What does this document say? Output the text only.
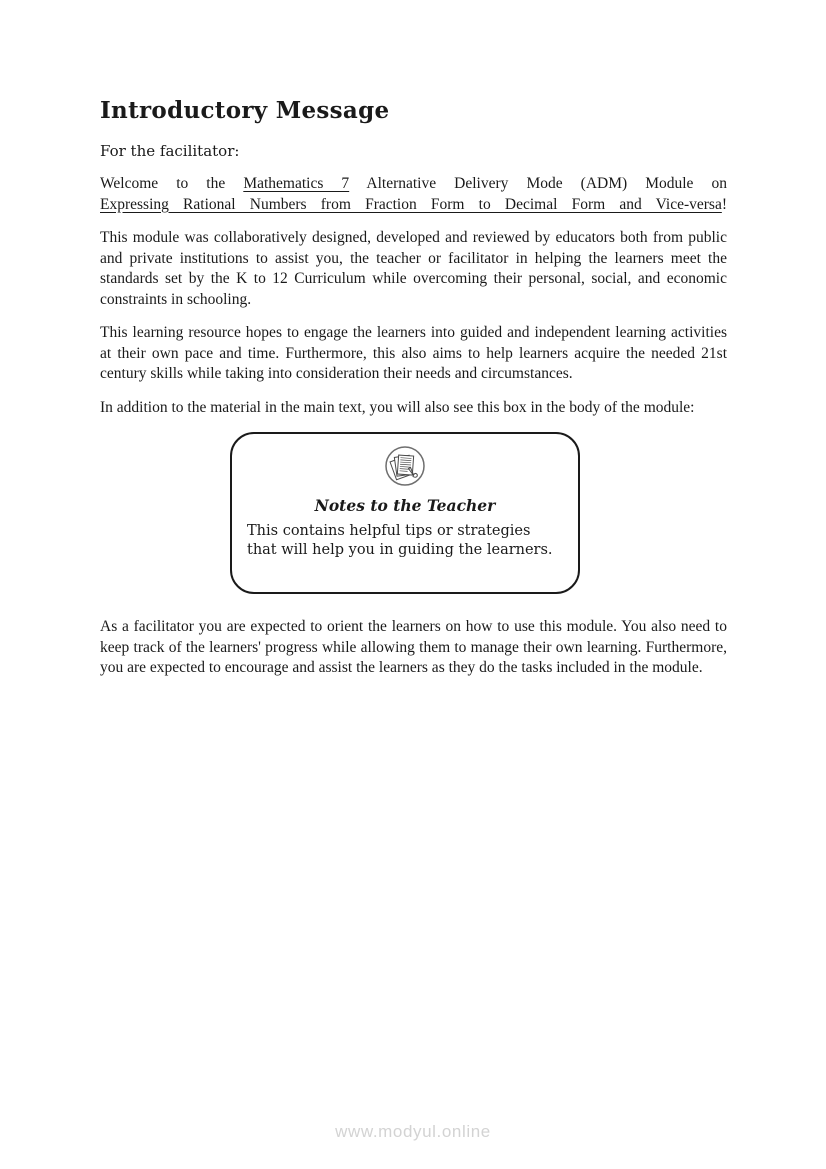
Introductory Message

For the facilitator:

Welcome to the Mathematics 7 Alternative Delivery Mode (ADM) Module on
Expressing Rational Numbers from Fraction Form to Decimal Form and Vice-versa!

This module was collaboratively designed, developed and reviewed by educators both from public and private institutions to assist you, the teacher or facilitator in helping the learners meet the standards set by the K to 12 Curriculum while overcoming their personal, social, and economic constraints in schooling.

This learning resource hopes to engage the learners into guided and independent learning activities at their own pace and time. Furthermore, this also aims to help learners acquire the needed 21st century skills while taking into consideration their needs and circumstances.

In addition to the material in the main text, you will also see this box in the body of the module:

Notes to the Teacher
This contains helpful tips or strategies that will help you in guiding the learners.

As a facilitator you are expected to orient the learners on how to use this module. You also need to keep track of the learners' progress while allowing them to manage their own learning. Furthermore, you are expected to encourage and assist the learners as they do the tasks included in the module.

www.modyul.online
